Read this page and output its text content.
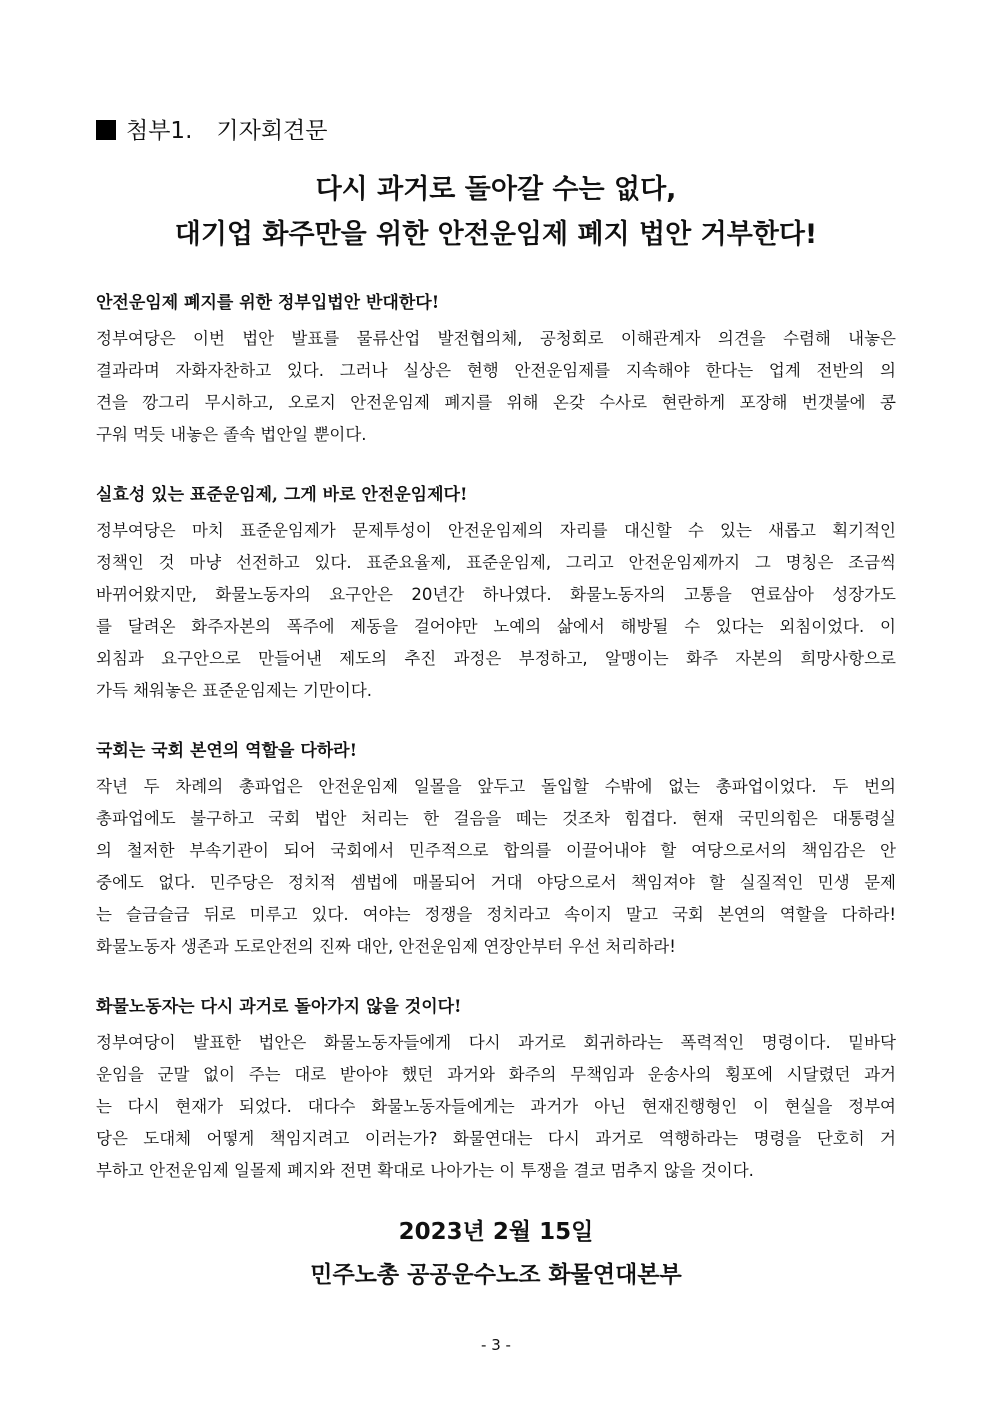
첨부1. 기자회견문
다시 과거로 돌아갈 수는 없다,
대기업 화주만을 위한 안전운임제 폐지 법안 거부한다!
안전운임제 폐지를 위한 정부입법안 반대한다!
정부여당은 이번 법안 발표를 물류산업 발전협의체, 공청회로 이해관계자 의견을 수렴해 내놓은
결과라며 자화자찬하고 있다. 그러나 실상은 현행 안전운임제를 지속해야 한다는 업계 전반의 의
견을 깡그리 무시하고, 오로지 안전운임제 폐지를 위해 온갖 수사로 현란하게 포장해 번갯불에 콩
구워 먹듯 내놓은 졸속 법안일 뿐이다.
실효성 있는 표준운임제, 그게 바로 안전운임제다!
정부여당은 마치 표준운임제가 문제투성이 안전운임제의 자리를 대신할 수 있는 새롭고 획기적인
정책인 것 마냥 선전하고 있다. 표준요율제, 표준운임제, 그리고 안전운임제까지 그 명칭은 조금씩
바뀌어왔지만, 화물노동자의 요구안은 20년간 하나였다. 화물노동자의 고통을 연료삼아 성장가도
를 달려온 화주자본의 폭주에 제동을 걸어야만 노예의 삶에서 해방될 수 있다는 외침이었다. 이
외침과 요구안으로 만들어낸 제도의 추진 과정은 부정하고, 알맹이는 화주 자본의 희망사항으로
가득 채워놓은 표준운임제는 기만이다.
국회는 국회 본연의 역할을 다하라!
작년 두 차례의 총파업은 안전운임제 일몰을 앞두고 돌입할 수밖에 없는 총파업이었다. 두 번의
총파업에도 불구하고 국회 법안 처리는 한 걸음을 떼는 것조차 힘겹다. 현재 국민의힘은 대통령실
의 철저한 부속기관이 되어 국회에서 민주적으로 합의를 이끌어내야 할 여당으로서의 책임감은 안
중에도 없다. 민주당은 정치적 셈법에 매몰되어 거대 야당으로서 책임져야 할 실질적인 민생 문제
는 슬금슬금 뒤로 미루고 있다. 여야는 정쟁을 정치라고 속이지 말고 국회 본연의 역할을 다하라!
화물노동자 생존과 도로안전의 진짜 대안, 안전운임제 연장안부터 우선 처리하라!
화물노동자는 다시 과거로 돌아가지 않을 것이다!
정부여당이 발표한 법안은 화물노동자들에게 다시 과거로 회귀하라는 폭력적인 명령이다. 밑바닥
운임을 군말 없이 주는 대로 받아야 했던 과거와 화주의 무책임과 운송사의 횡포에 시달렸던 과거
는 다시 현재가 되었다. 대다수 화물노동자들에게는 과거가 아닌 현재진행형인 이 현실을 정부여
당은 도대체 어떻게 책임지려고 이러는가? 화물연대는 다시 과거로 역행하라는 명령을 단호히 거
부하고 안전운임제 일몰제 폐지와 전면 확대로 나아가는 이 투쟁을 결코 멈추지 않을 것이다.
2023년 2월 15일
민주노총 공공운수노조 화물연대본부
- 3 -
